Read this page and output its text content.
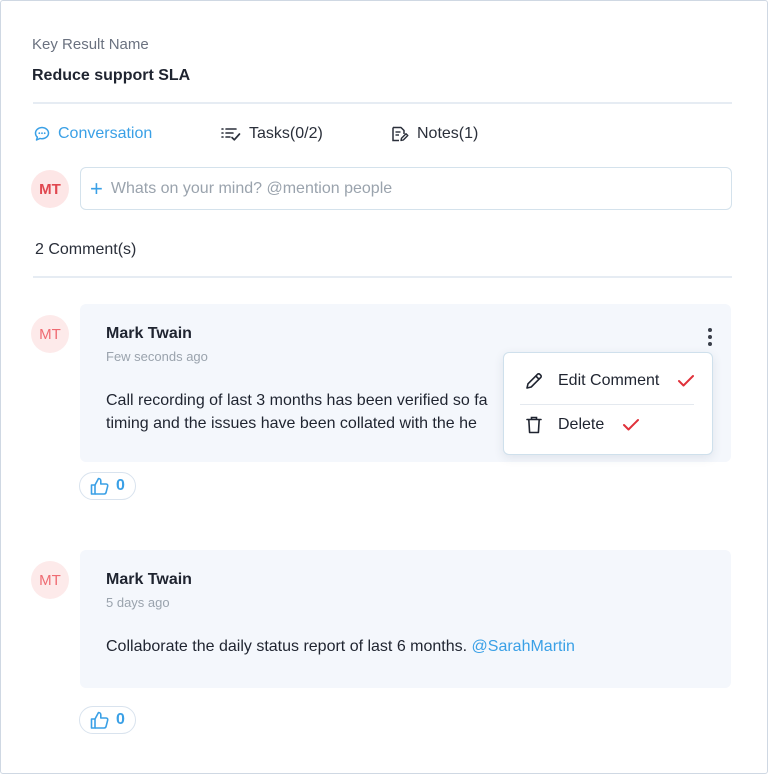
Key Result Name
Reduce support SLA
Conversation	Tasks(0/2)	Notes(1)
MT	+
Whats on your mind? @mention people
2 Comment(s)
MT	Mark Twain
Few seconds ago
Call recording of last 3 months has been verified so fa
timing and the issues have been collated with the he
0
MT	Mark Twain
5 days ago
Collaborate the daily status report of last 6 months. @SarahMartin
0
Edit Comment
Delete
